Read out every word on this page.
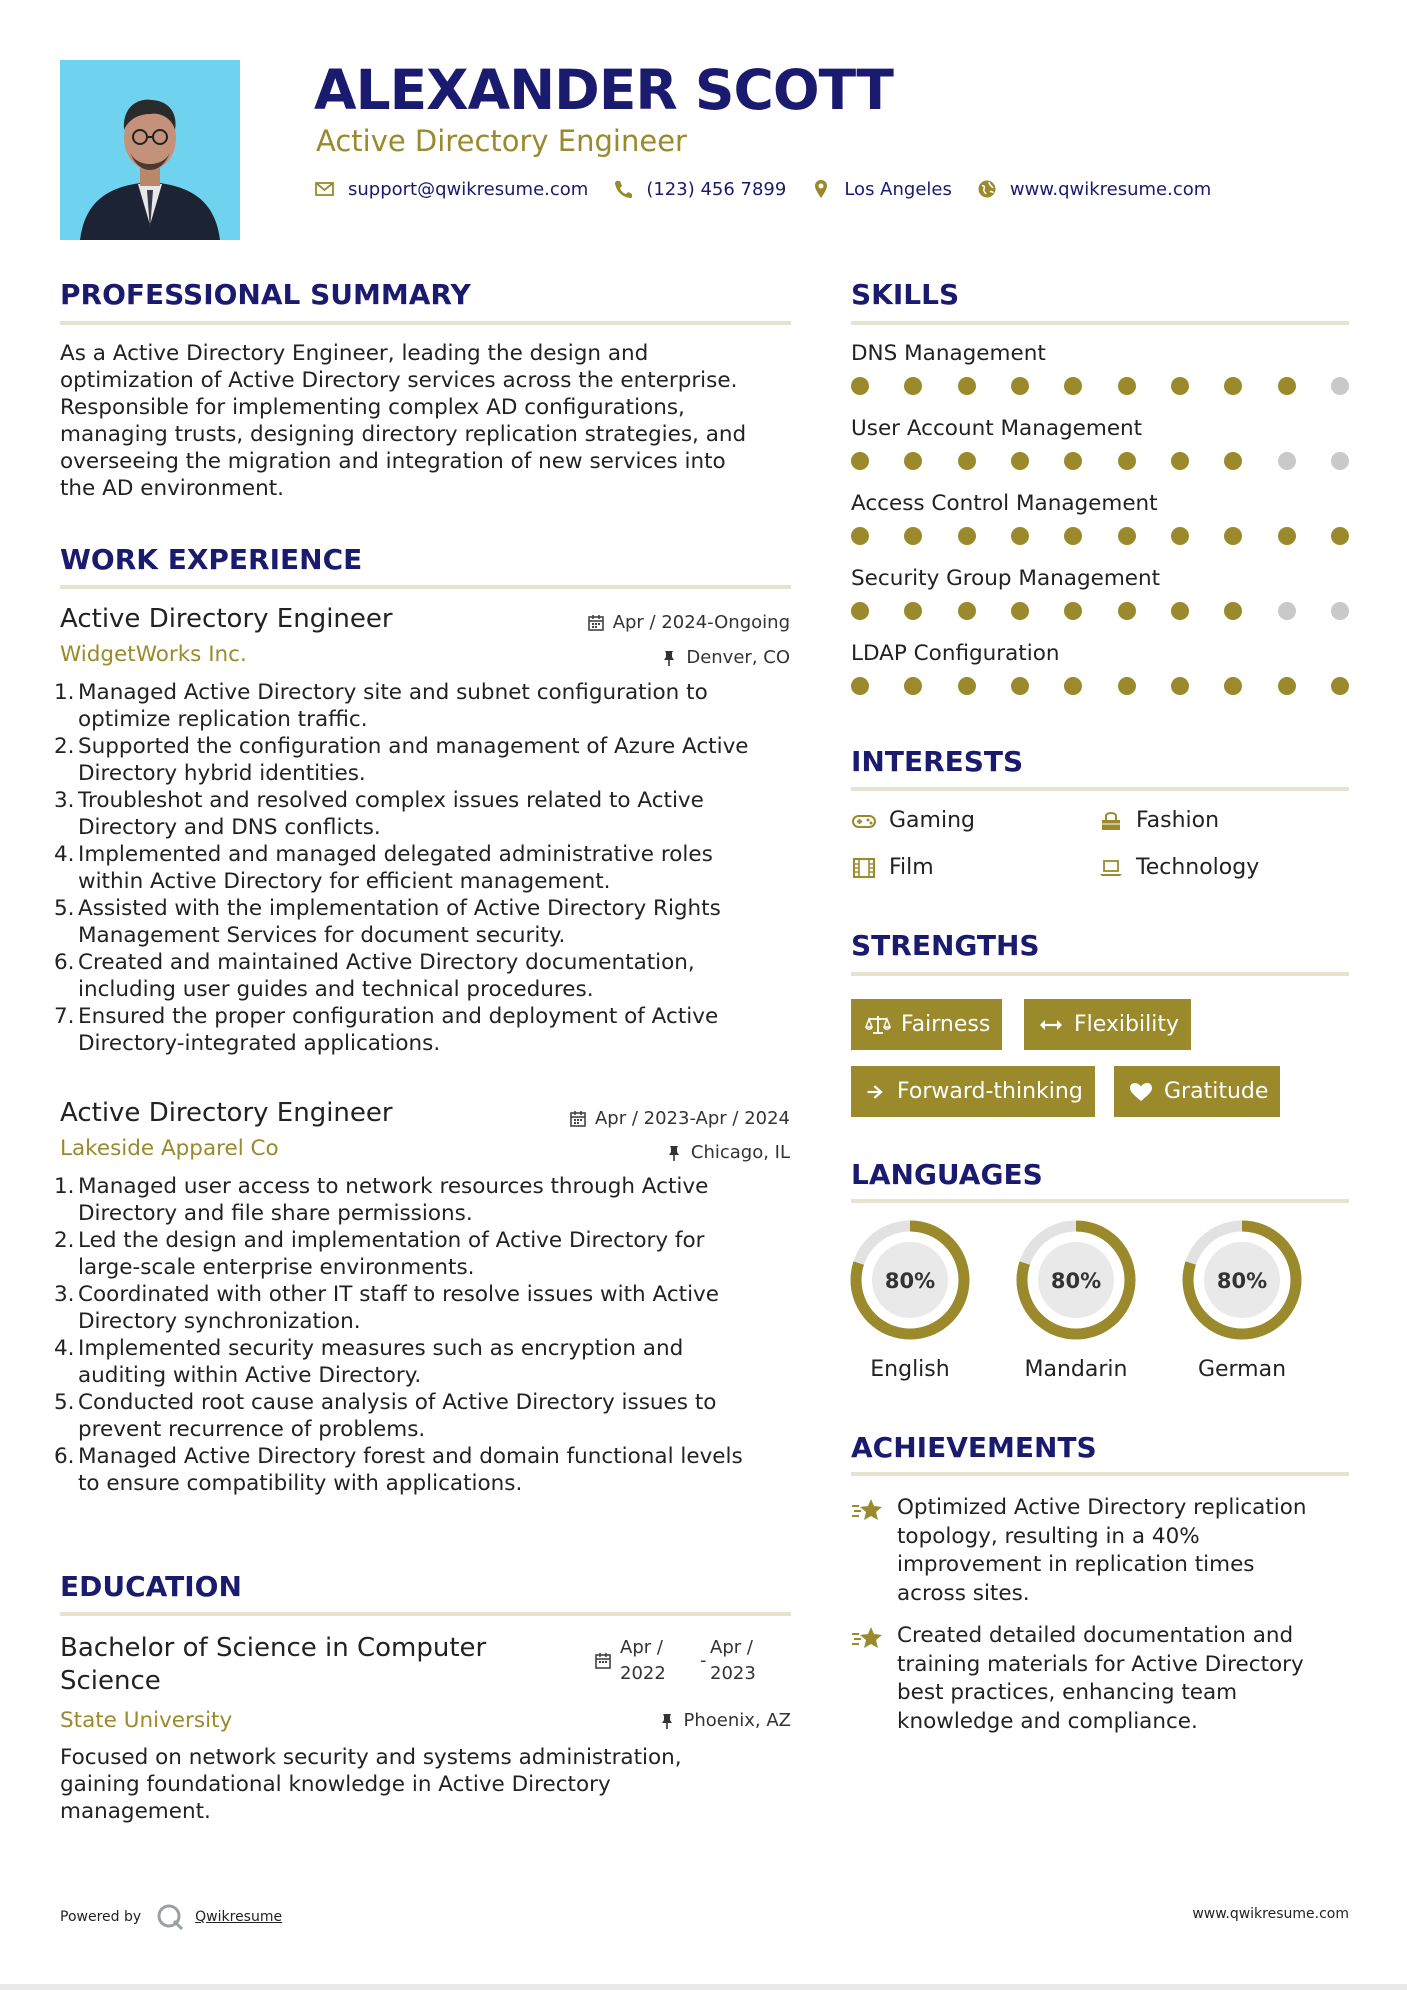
ALEXANDER SCOTT
Active Directory Engineer
support@qwikresume.com	(123) 456 7899	Los Angeles	www.qwikresume.com
PROFESSIONAL SUMMARY
As a Active Directory Engineer, leading the design and
optimization of Active Directory services across the enterprise.
Responsible for implementing complex AD configurations,
managing trusts, designing directory replication strategies, and
overseeing the migration and integration of new services into
the AD environment.
WORK EXPERIENCE
Active Directory Engineer	Apr / 2024-Ongoing
WidgetWorks Inc.	Denver, CO
1. Managed Active Directory site and subnet configuration to
optimize replication traffic.
2. Supported the configuration and management of Azure Active
Directory hybrid identities.
3. Troubleshot and resolved complex issues related to Active
Directory and DNS conflicts.
4. Implemented and managed delegated administrative roles
within Active Directory for efficient management.
5. Assisted with the implementation of Active Directory Rights
Management Services for document security.
6. Created and maintained Active Directory documentation,
including user guides and technical procedures.
7. Ensured the proper configuration and deployment of Active
Directory-integrated applications.
Active Directory Engineer	Apr / 2023-Apr / 2024
Lakeside Apparel Co	Chicago, IL
1. Managed user access to network resources through Active
Directory and file share permissions.
2. Led the design and implementation of Active Directory for
large-scale enterprise environments.
3. Coordinated with other IT staff to resolve issues with Active
Directory synchronization.
4. Implemented security measures such as encryption and
auditing within Active Directory.
5. Conducted root cause analysis of Active Directory issues to
prevent recurrence of problems.
6. Managed Active Directory forest and domain functional levels
to ensure compatibility with applications.
EDUCATION
Bachelor of Science in Computer
Science
Apr /
2022
-
Apr /
2023
State University	Phoenix, AZ
Focused on network security and systems administration,
gaining foundational knowledge in Active Directory
management.
SKILLS
DNS Management
User Account Management
Access Control Management
Security Group Management
LDAP Configuration
INTERESTS
Gaming	Fashion
Film	Technology
STRENGTHS
Fairness	Flexibility
Forward-thinking	Gratitude
LANGUAGES
80%
English
80%
Mandarin
80%
German
ACHIEVEMENTS
Optimized Active Directory replication
topology, resulting in a 40%
improvement in replication times
across sites.
Created detailed documentation and
training materials for Active Directory
best practices, enhancing team
knowledge and compliance.
Powered by	Qwikresume	www.qwikresume.com
